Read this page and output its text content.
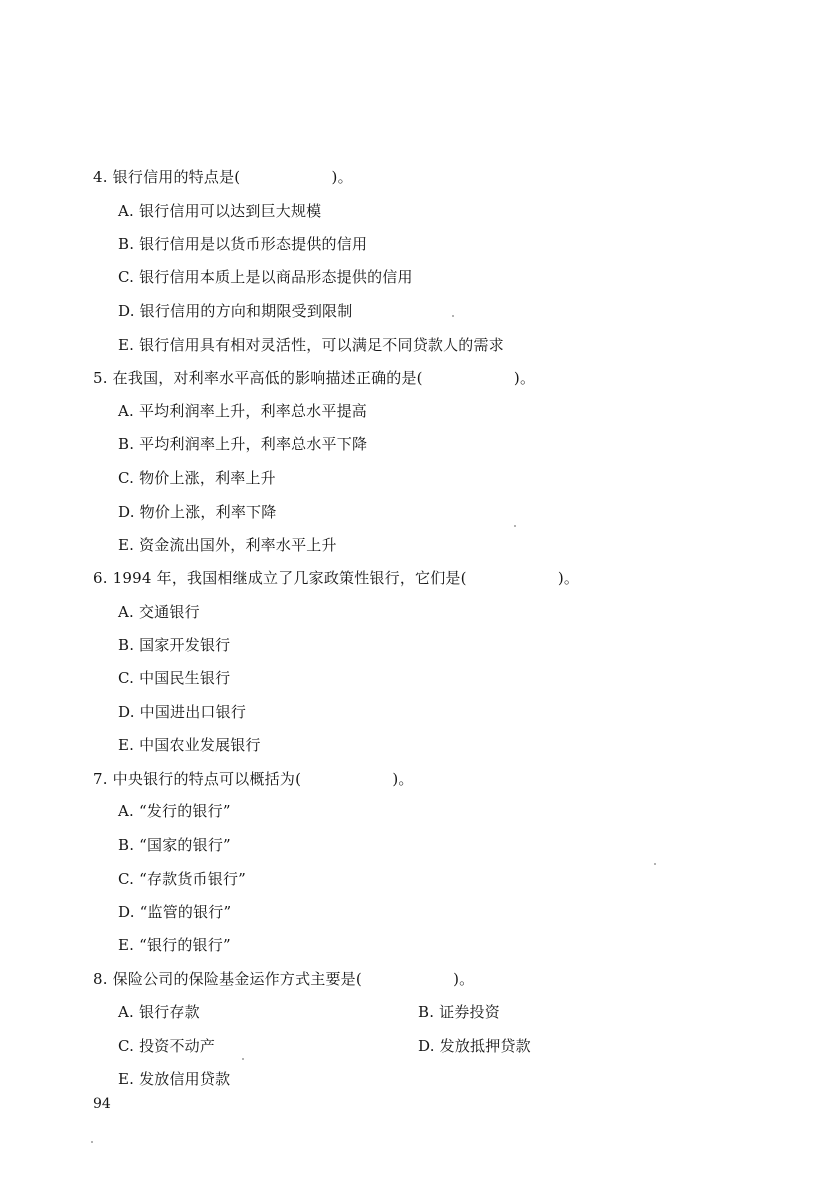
4. 银行信用的特点是(　　　　　　)。
A. 银行信用可以达到巨大规模
B. 银行信用是以货币形态提供的信用
C. 银行信用本质上是以商品形态提供的信用
D. 银行信用的方向和期限受到限制
E. 银行信用具有相对灵活性，可以满足不同贷款人的需求
5. 在我国，对利率水平高低的影响描述正确的是(　　　　　　)。
A. 平均利润率上升，利率总水平提高
B. 平均利润率上升，利率总水平下降
C. 物价上涨，利率上升
D. 物价上涨，利率下降
E. 资金流出国外，利率水平上升
6. 1994 年，我国相继成立了几家政策性银行，它们是(　　　　　　)。
A. 交通银行
B. 国家开发银行
C. 中国民生银行
D. 中国进出口银行
E. 中国农业发展银行
7. 中央银行的特点可以概括为(　　　　　　)。
A. “发行的银行”
B. “国家的银行”
C. “存款货币银行”
D. “监管的银行”
E. “银行的银行”
8. 保险公司的保险基金运作方式主要是(　　　　　　)。
A. 银行存款	B. 证券投资
C. 投资不动产	D. 发放抵押贷款
E. 发放信用贷款
94
